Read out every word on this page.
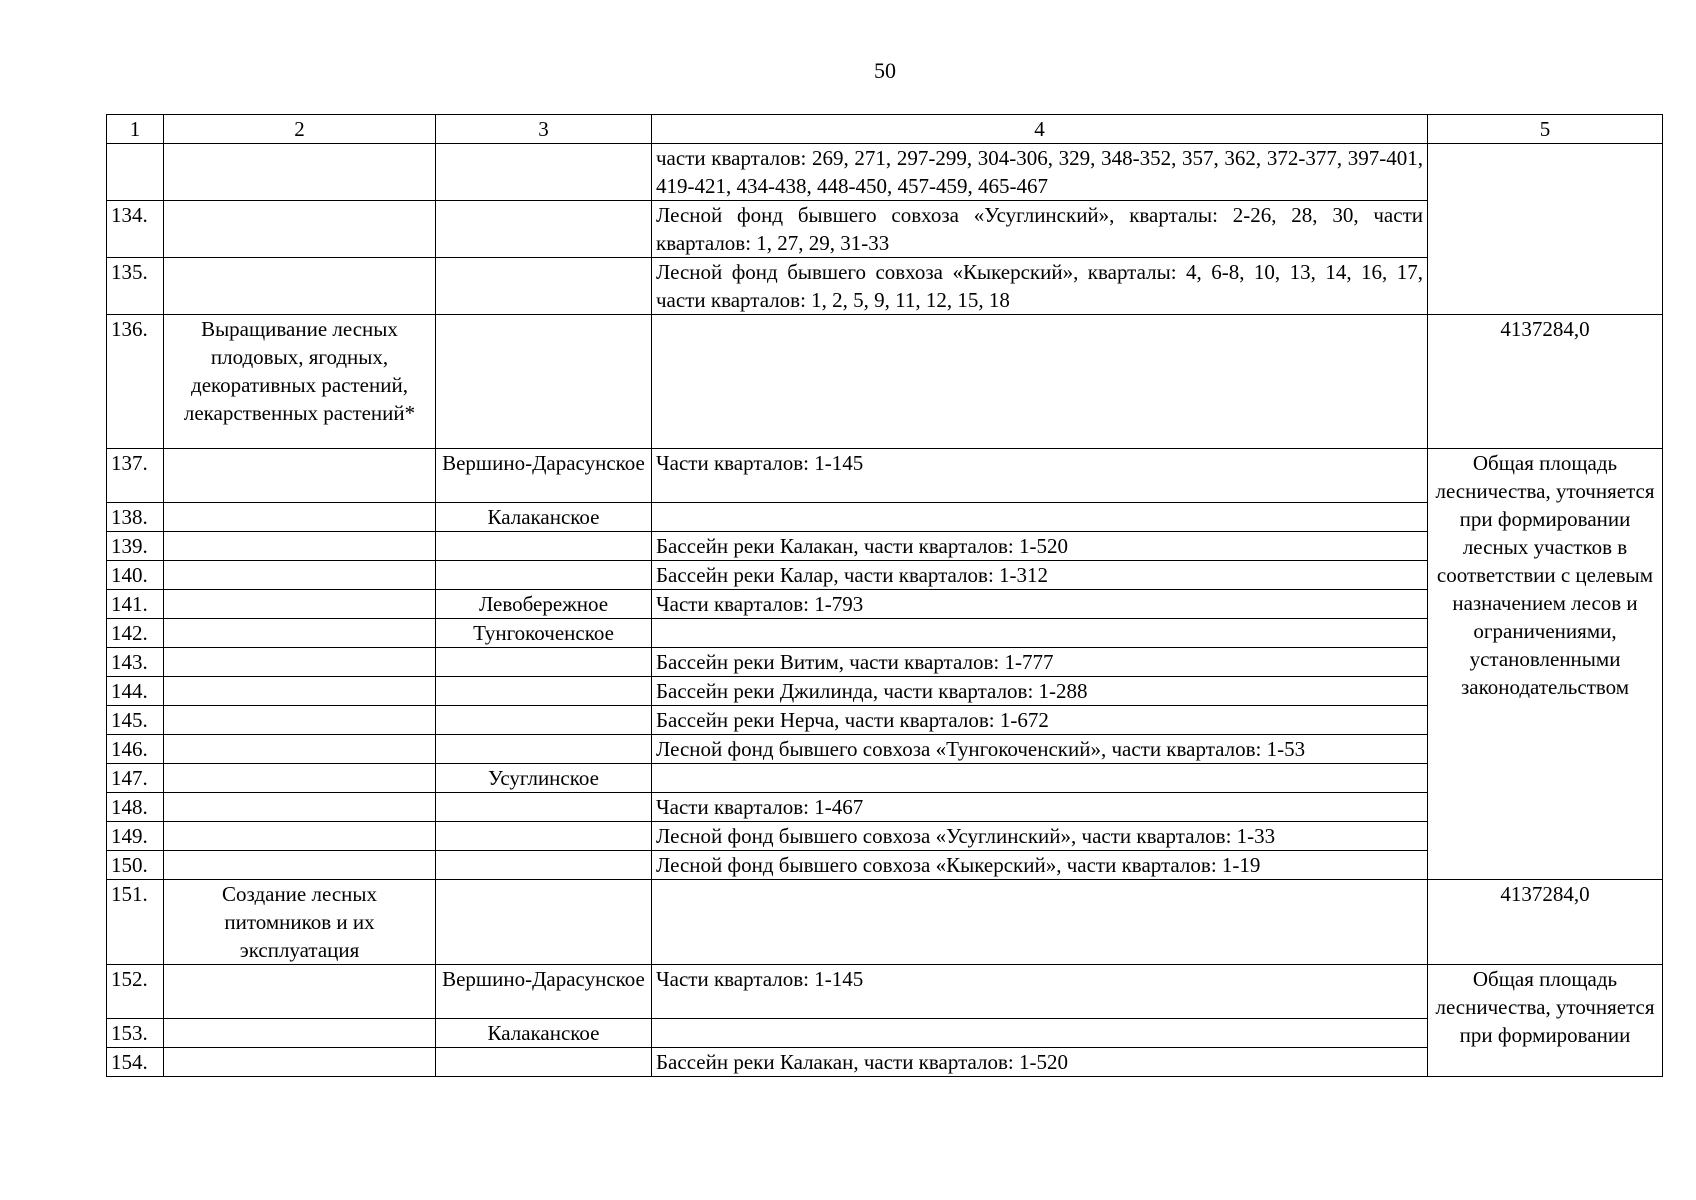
50
1	2	3	4	5
			части кварталов: 269, 271, 297-299, 304-306, 329, 348-352, 357, 362, 372-377, 397-401, 419-421, 434-438, 448-450, 457-459, 465-467	
134.			Лесной фонд бывшего совхоза «Усуглинский», кварталы: 2-26, 28, 30, части кварталов: 1, 27, 29, 31-33	
135.			Лесной фонд бывшего совхоза «Кыкерский», кварталы: 4, 6-8, 10, 13, 14, 16, 17, части кварталов: 1, 2, 5, 9, 11, 12, 15, 18	
136.	Выращивание лесных плодовых, ягодных, декоративных растений, лекарственных растений*			4137284,0
137.		Вершино-Дарасунское	Части кварталов: 1-145	Общая площадь лесничества, уточняется при формировании лесных участков в соответствии с целевым назначением лесов и ограничениями, установленными законодательством
138.		Калаканское		
139.			Бассейн реки Калакан, части кварталов: 1-520	
140.			Бассейн реки Калар, части кварталов: 1-312	
141.		Левобережное	Части кварталов: 1-793	
142.		Тунгокоченское		
143.			Бассейн реки Витим, части кварталов: 1-777	
144.			Бассейн реки Джилинда, части кварталов: 1-288	
145.			Бассейн реки Нерча, части кварталов: 1-672	
146.			Лесной фонд бывшего совхоза «Тунгокоченский», части кварталов: 1-53	
147.		Усуглинское		
148.			Части кварталов: 1-467	
149.			Лесной фонд бывшего совхоза «Усуглинский», части кварталов: 1-33	
150.			Лесной фонд бывшего совхоза «Кыкерский», части кварталов: 1-19	
151.	Создание лесных питомников и их эксплуатация			4137284,0
152.		Вершино-Дарасунское	Части кварталов: 1-145	Общая площадь лесничества, уточняется при формировании
153.		Калаканское		
154.			Бассейн реки Калакан, части кварталов: 1-520	
